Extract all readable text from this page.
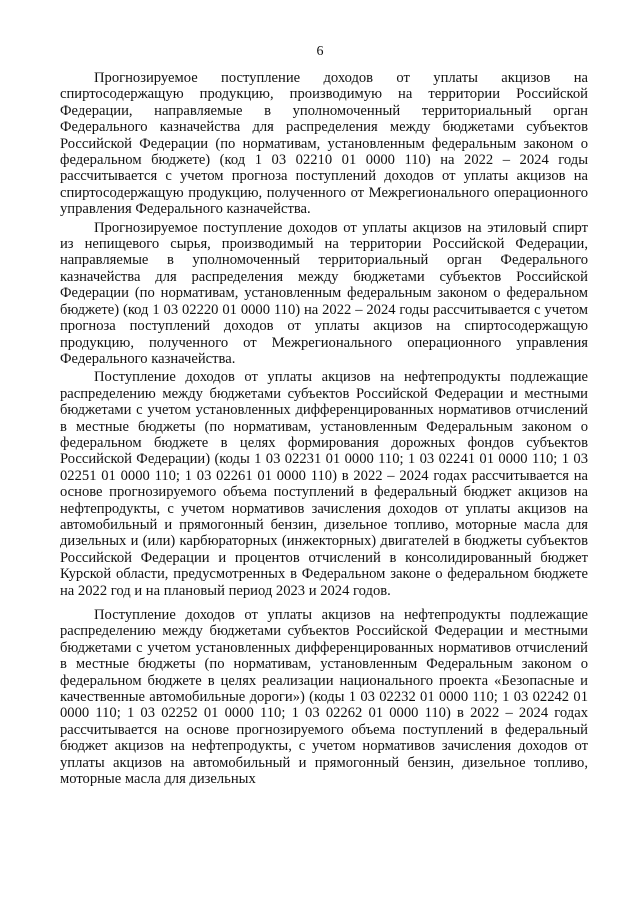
6

Прогнозируемое поступление доходов от уплаты акцизов на спиртосодержащую продукцию, производимую на территории Российской Федерации, направляемые в уполномоченный территориальный орган Федерального казначейства для распределения между бюджетами субъектов Российской Федерации (по нормативам, установленным федеральным законом о федеральном бюджете) (код 1 03 02210 01 0000 110) на 2022 – 2024 годы рассчитывается с учетом прогноза поступлений доходов от уплаты акцизов на спиртосодержащую продукцию, полученного от Межрегионального операционного управления Федерального казначейства.

Прогнозируемое поступление доходов от уплаты акцизов на этиловый спирт из непищевого сырья, производимый на территории Российской Федерации, направляемые в уполномоченный территориальный орган Федерального казначейства для распределения между бюджетами субъектов Российской Федерации (по нормативам, установленным федеральным законом о федеральном бюджете) (код 1 03 02220 01 0000 110) на 2022 – 2024 годы рассчитывается с учетом прогноза поступлений доходов от уплаты акцизов на спиртосодержащую продукцию, полученного от Межрегионального операционного управления Федерального казначейства.

Поступление доходов от уплаты акцизов на нефтепродукты подлежащие распределению между бюджетами субъектов Российской Федерации и местными бюджетами с учетом установленных дифференцированных нормативов отчислений в местные бюджеты (по нормативам, установленным Федеральным законом о федеральном бюджете в целях формирования дорожных фондов субъектов Российской Федерации) (коды 1 03 02231 01 0000 110; 1 03 02241 01 0000 110; 1 03 02251 01 0000 110; 1 03 02261 01 0000 110) в 2022 – 2024 годах рассчитывается на основе прогнозируемого объема поступлений в федеральный бюджет акцизов на нефтепродукты, с учетом нормативов зачисления доходов от уплаты акцизов на автомобильный и прямогонный бензин, дизельное топливо, моторные масла для дизельных и (или) карбюраторных (инжекторных) двигателей в бюджеты субъектов Российской Федерации и процентов отчислений в консолидированный бюджет Курской области, предусмотренных в Федеральном законе о федеральном бюджете на 2022 год и на плановый период 2023 и 2024 годов.

Поступление доходов от уплаты акцизов на нефтепродукты подлежащие распределению между бюджетами субъектов Российской Федерации и местными бюджетами с учетом установленных дифференцированных нормативов отчислений в местные бюджеты (по нормативам, установленным Федеральным законом о федеральном бюджете в целях реализации национального проекта «Безопасные и качественные автомобильные дороги») (коды 1 03 02232 01 0000 110; 1 03 02242 01 0000 110; 1 03 02252 01 0000 110; 1 03 02262 01 0000 110) в 2022 – 2024 годах рассчитывается на основе прогнозируемого объема поступлений в федеральный бюджет акцизов на нефтепродукты, с учетом нормативов зачисления доходов от уплаты акцизов на автомобильный и прямогонный бензин, дизельное топливо, моторные масла для дизельных
